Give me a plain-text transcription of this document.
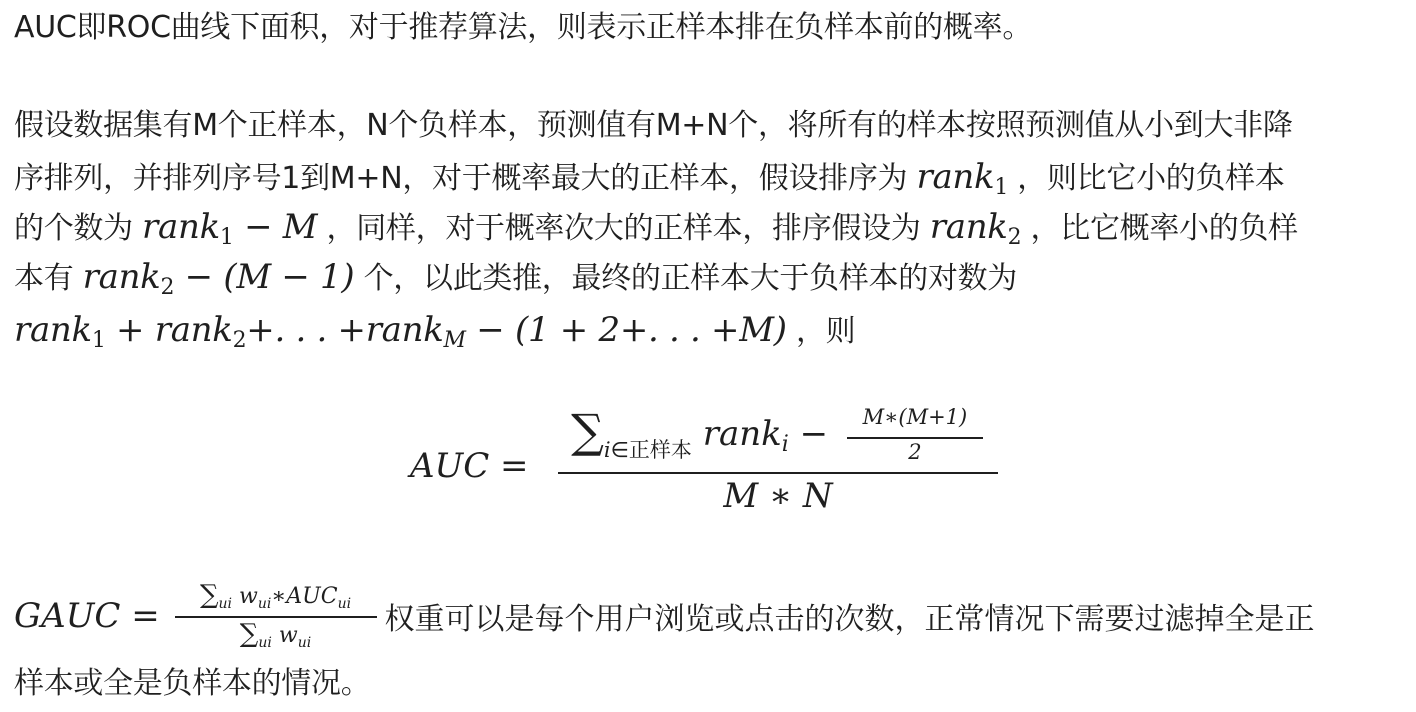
AUC即ROC曲线下面积，对于推荐算法，则表示正样本排在负样本前的概率。
假设数据集有M个正样本，N个负样本，预测值有M+N个，将所有的样本按照预测值从小到大非降
序排列，并排列序号1到M+N，对于概率最大的正样本，假设排序为 rank$_1$ ，则比它小的负样本
的个数为 rank$_1$ − M ，同样，对于概率次大的正样本，排序假设为 rank$_2$ ，比它概率小的负样
本有 rank$_2$ − (M − 1) 个，以此类推，最终的正样本大于负样本的对数为
rank$_1$ + rank$_2$+. . . +rankM − (1 + 2+. . . +M) ，则
AUC =
$\sum_{i\in 正样本}$ ranki − $\frac{M∗(M+1)}{2}$
M ∗ N
GAUC = $\frac{\sum_{ui} w_{ui}∗AUC_{ui}}{\sum_{ui} w_{ui}}$ 权重可以是每个用户浏览或点击的次数，正常情况下需要过滤掉全是正
样本或全是负样本的情况。
